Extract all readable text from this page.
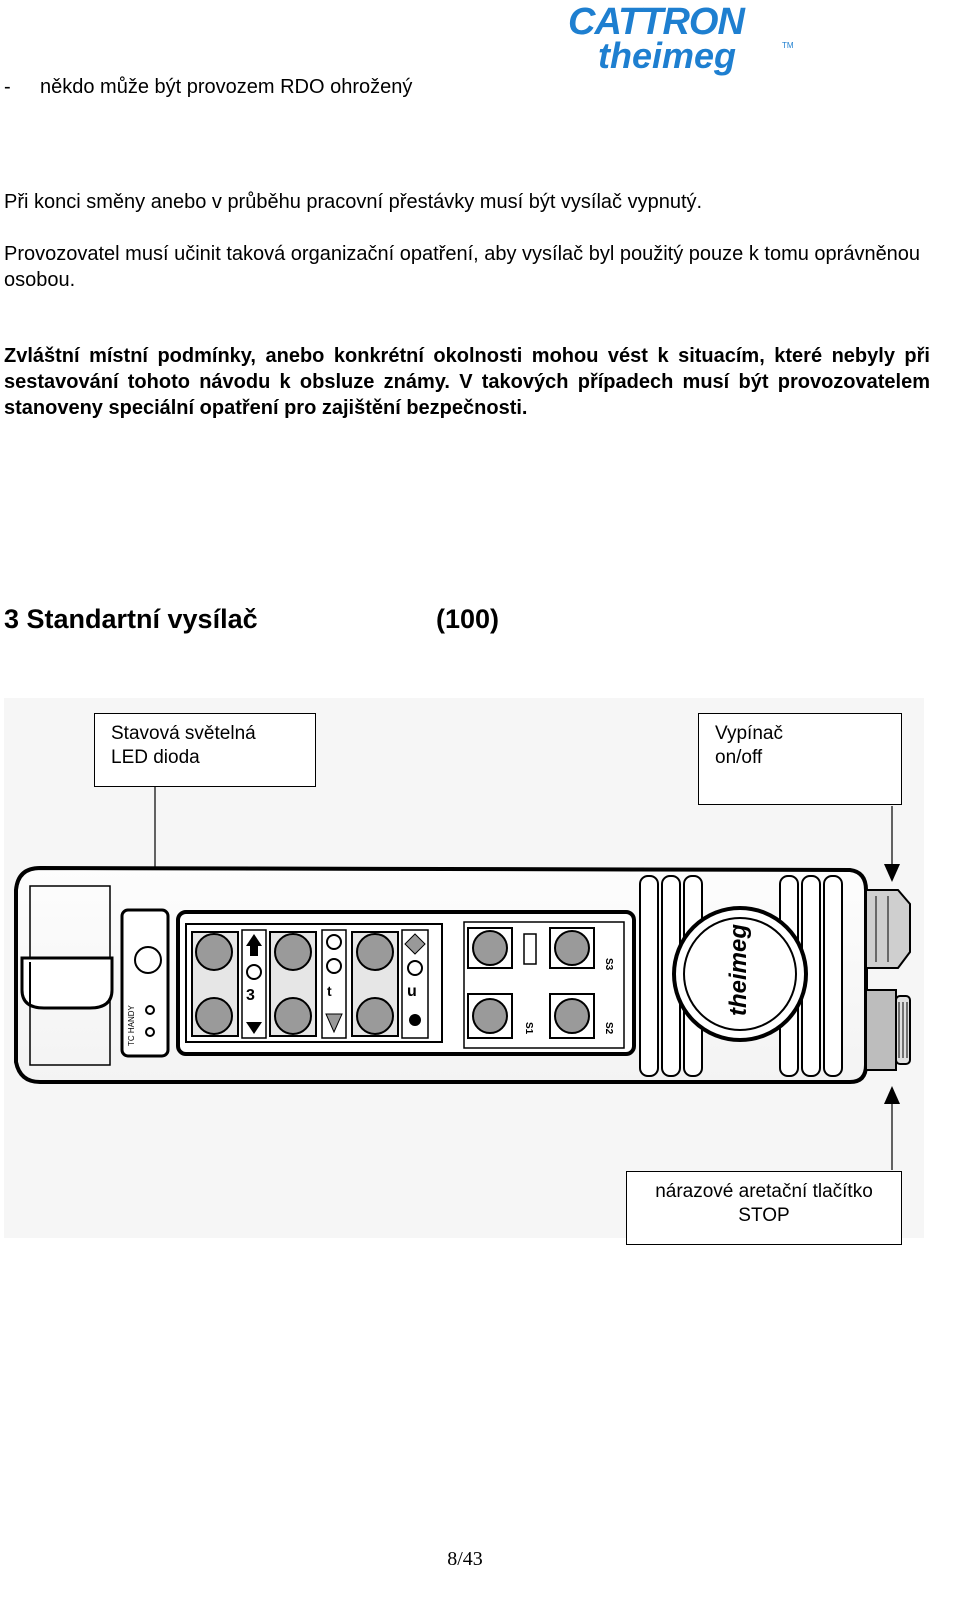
CATTRON
theimeg	TM
- někdo může být provozem RDO ohrožený
Při konci směny anebo v průběhu pracovní přestávky musí být vysílač vypnutý.
Provozovatel musí učinit taková organizační opatření, aby vysílač byl použitý pouze k tomu oprávněnou osobou.
Zvláštní místní podmínky, anebo konkrétní okolnosti mohou vést k situacím, které nebyly při sestavování tohoto návodu k obsluze známy. V takových případech musí být provozovatelem stanoveny speciální opatření pro zajištění bezpečnosti.
3 Standartní vysílač	(100)
TC HANDY
3	t	u
S3
S1	S2
theimeg
Stavová světelná
LED dioda
Vypínač
on/off
nárazové aretační tlačítko
STOP
8/43
